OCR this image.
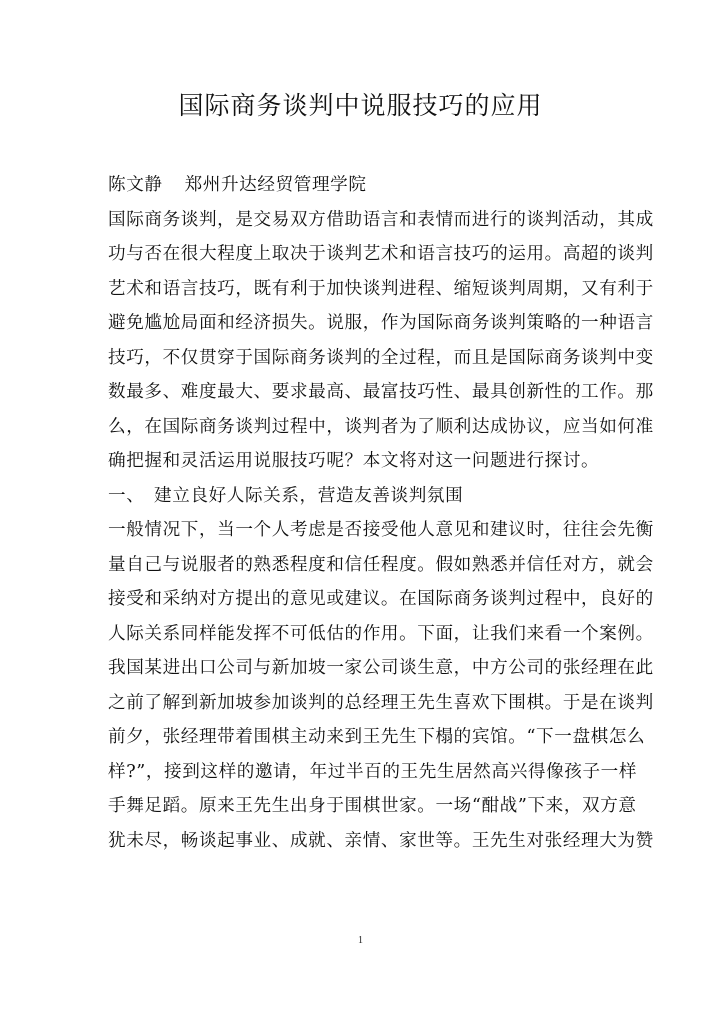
国际商务谈判中说服技巧的应用
陈文静 郑州升达经贸管理学院
国际商务谈判，是交易双方借助语言和表情而进行的谈判活动，其成
功与否在很大程度上取决于谈判艺术和语言技巧的运用。高超的谈判
艺术和语言技巧，既有利于加快谈判进程、缩短谈判周期，又有利于
避免尴尬局面和经济损失。说服，作为国际商务谈判策略的一种语言
技巧，不仅贯穿于国际商务谈判的全过程，而且是国际商务谈判中变
数最多、难度最大、要求最高、最富技巧性、最具创新性的工作。那
么，在国际商务谈判过程中，谈判者为了顺利达成协议，应当如何准
确把握和灵活运用说服技巧呢？本文将对这一问题进行探讨。
一、 建立良好人际关系，营造友善谈判氛围
一般情况下，当一个人考虑是否接受他人意见和建议时，往往会先衡
量自己与说服者的熟悉程度和信任程度。假如熟悉并信任对方，就会
接受和采纳对方提出的意见或建议。在国际商务谈判过程中，良好的
人际关系同样能发挥不可低估的作用。下面，让我们来看一个案例。
我国某进出口公司与新加坡一家公司谈生意，中方公司的张经理在此
之前了解到新加坡参加谈判的总经理王先生喜欢下围棋。于是在谈判
前夕，张经理带着围棋主动来到王先生下榻的宾馆。“下一盘棋怎么
样?”，接到这样的邀请，年过半百的王先生居然高兴得像孩子一样
手舞足蹈。原来王先生出身于围棋世家。一场“酣战”下来，双方意
犹未尽，畅谈起事业、成就、亲情、家世等。王先生对张经理大为赞
1
